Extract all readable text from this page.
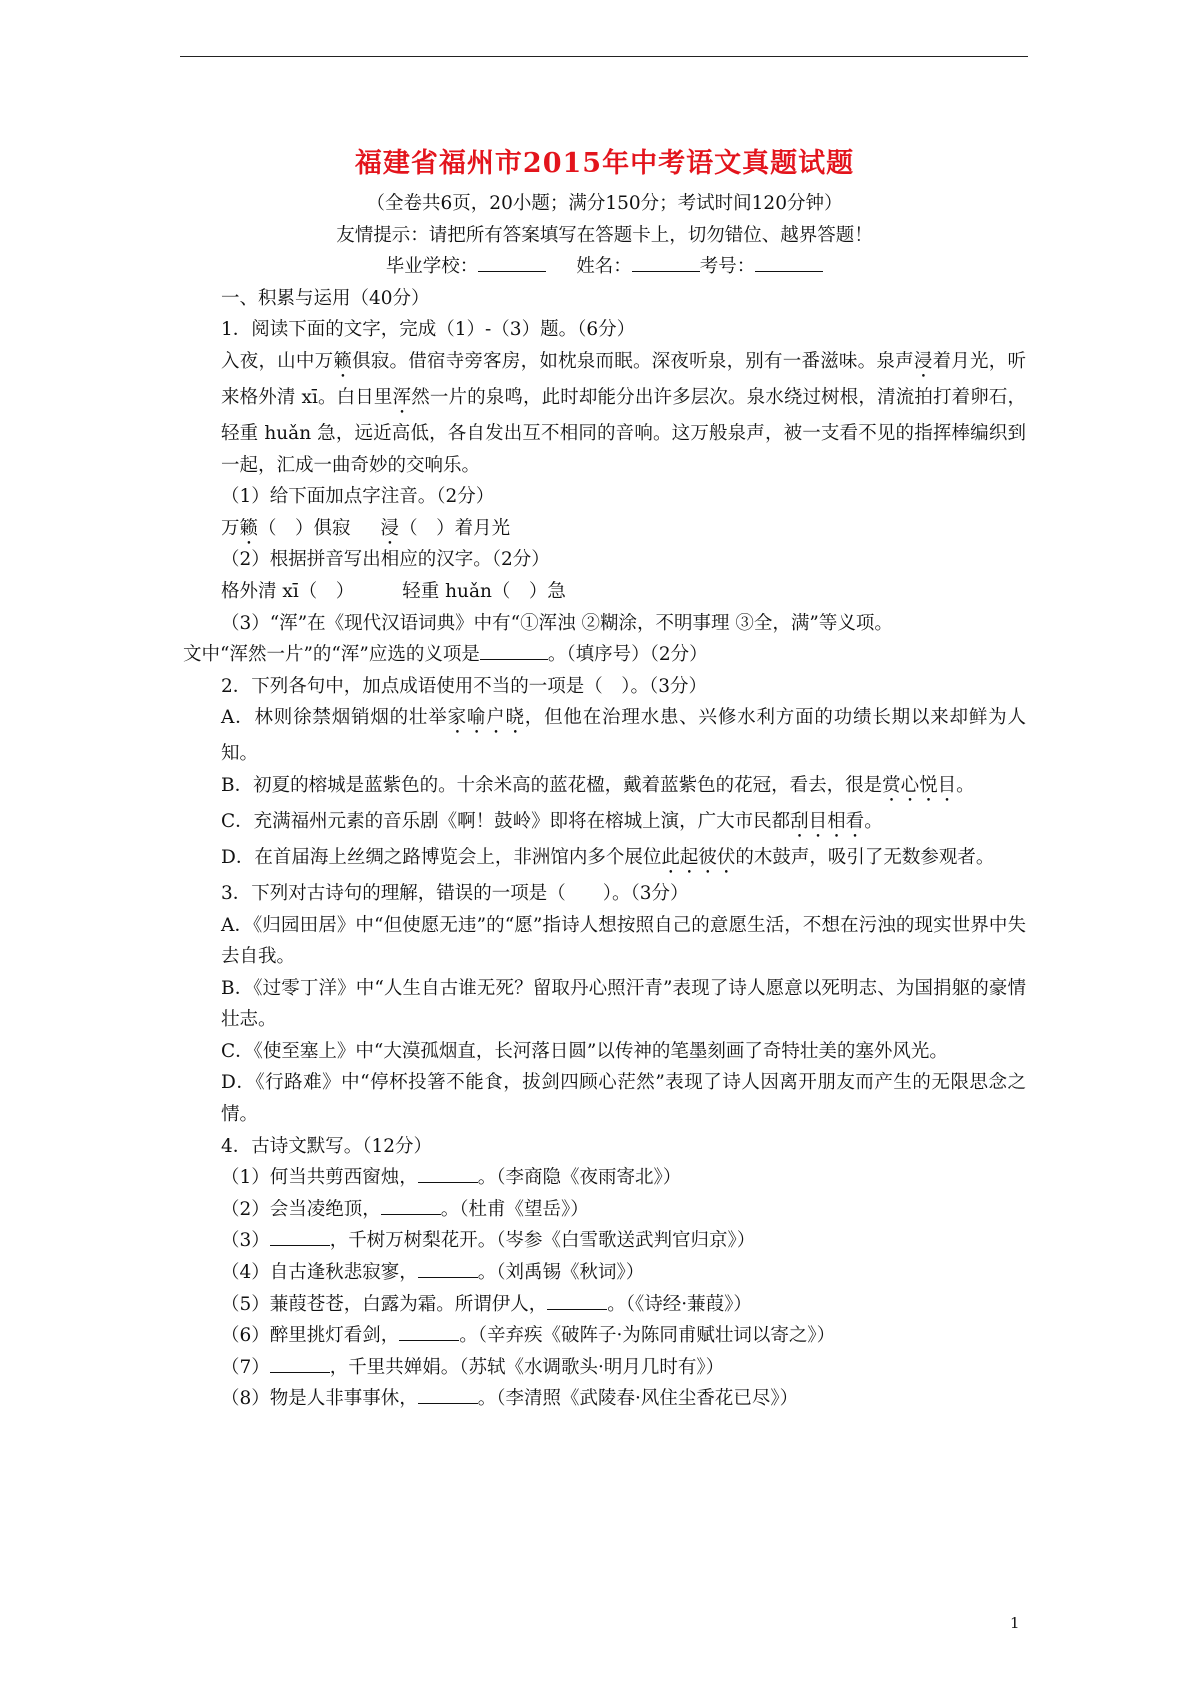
福建省福州市2015年中考语文真题试题
（全卷共6页，20小题；满分150分；考试时间120分钟）
友情提示：请把所有答案填写在答题卡上，切勿错位、越界答题！
毕业学校：	姓名：	考号：
一、积累与运用（40分）
1．阅读下面的文字，完成（1）-（3）题。（6分）
入夜，山中万籁俱寂。借宿寺旁客房，如枕泉而眠。深夜听泉，别有一番滋味。泉声浸着月光，听来格外清 xī。白日里浑然一片的泉鸣，此时却能分出许多层次。泉水绕过树根，清流拍打着卵石，轻重 huǎn 急，远近高低，各自发出互不相同的音响。这万般泉声，被一支看不见的指挥棒编织到一起，汇成一曲奇妙的交响乐。
（1）给下面加点字注音。（2分）
万籁（　）俱寂 浸（　）着月光
（2）根据拼音写出相应的汉字。（2分）
格外清 xī（　）	轻重 huǎn（　）急
（3）“浑”在《现代汉语词典》中有“①浑浊 ②糊涂，不明事理 ③全，满”等义项。
文中“浑然一片”的“浑”应选的义项是	。（填序号）（2分）
2．下列各句中，加点成语使用不当的一项是（　）。（3分）
A．林则徐禁烟销烟的壮举家喻户晓，但他在治理水患、兴修水利方面的功绩长期以来却鲜为人知。
B．初夏的榕城是蓝紫色的。十余米高的蓝花楹，戴着蓝紫色的花冠，看去，很是赏心悦目。
C．充满福州元素的音乐剧《啊！鼓岭》即将在榕城上演，广大市民都刮目相看。
D．在首届海上丝绸之路博览会上，非洲馆内多个展位此起彼伏的木鼓声，吸引了无数参观者。
3．下列对古诗句的理解，错误的一项是（　　）。（3分）
A．《归园田居》中“但使愿无违”的“愿”指诗人想按照自己的意愿生活，不想在污浊的现实世界中失去自我。
B．《过零丁洋》中“人生自古谁无死？留取丹心照汗青”表现了诗人愿意以死明志、为国捐躯的豪情壮志。
C．《使至塞上》中“大漠孤烟直，长河落日圆”以传神的笔墨刻画了奇特壮美的塞外风光。
D．《行路难》中“停杯投箸不能食，拔剑四顾心茫然”表现了诗人因离开朋友而产生的无限思念之情。
4．古诗文默写。（12分）
（1）何当共剪西窗烛，	。（李商隐《夜雨寄北》）
（2）会当凌绝顶，	。（杜甫《望岳》）
（3）	，千树万树梨花开。（岑参《白雪歌送武判官归京》）
（4）自古逢秋悲寂寥，	。（刘禹锡《秋词》）
（5）蒹葭苍苍，白露为霜。所谓伊人，	。（《诗经·蒹葭》）
（6）醉里挑灯看剑，	。（辛弃疾《破阵子·为陈同甫赋壮词以寄之》）
（7）	，千里共婵娟。（苏轼《水调歌头·明月几时有》）
（8）物是人非事事休，	。（李清照《武陵春·风住尘香花已尽》）
1
